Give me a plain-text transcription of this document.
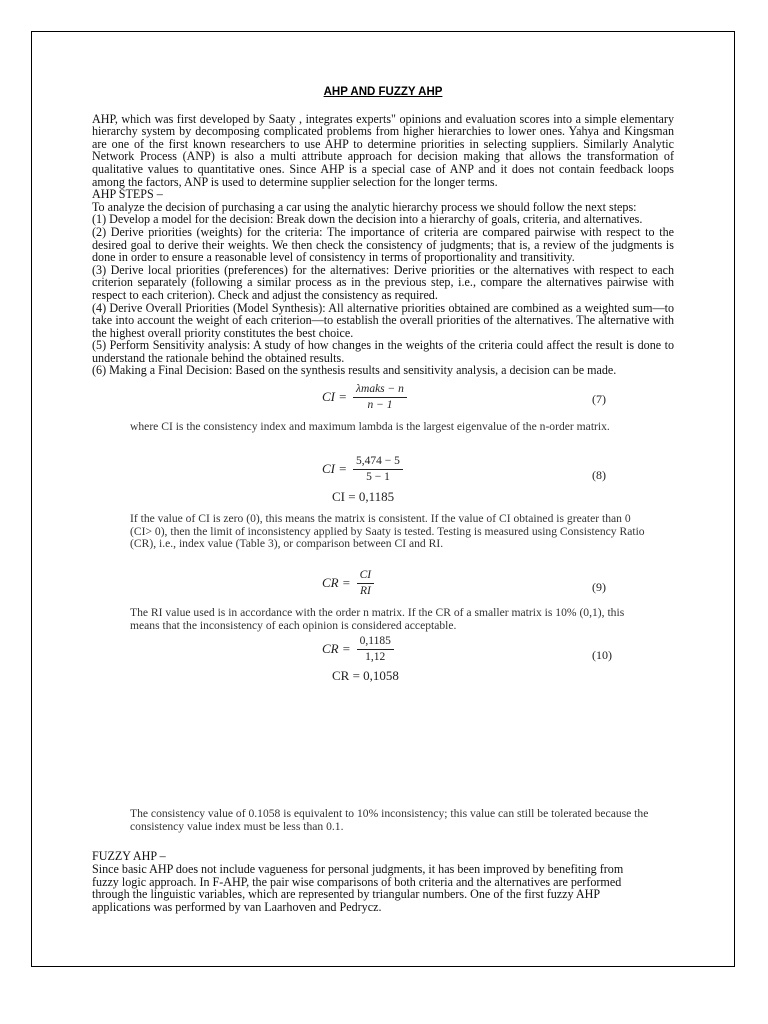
AHP AND FUZZY AHP

AHP, which was first developed by Saaty , integrates experts" opinions and evaluation scores into a simple elementary hierarchy system by decomposing complicated problems from higher hierarchies to lower ones. Yahya and Kingsman are one of the first known researchers to use AHP to determine priorities in selecting suppliers. Similarly Analytic Network Process (ANP) is also a multi attribute approach for decision making that allows the transformation of qualitative values to quantitative ones. Since AHP is a special case of ANP and it does not contain feedback loops among the factors, ANP is used to determine supplier selection for the longer terms.

AHP STEPS –

To analyze the decision of purchasing a car using the analytic hierarchy process we should follow the next steps:

(1) Develop a model for the decision: Break down the decision into a hierarchy of goals, criteria, and alternatives.

(2) Derive priorities (weights) for the criteria: The importance of criteria are compared pairwise with respect to the desired goal to derive their weights. We then check the consistency of judgments; that is, a review of the judgments is done in order to ensure a reasonable level of consistency in terms of proportionality and transitivity.

(3) Derive local priorities (preferences) for the alternatives: Derive priorities or the alternatives with respect to each criterion separately (following a similar process as in the previous step, i.e., compare the alternatives pairwise with respect to each criterion). Check and adjust the consistency as required.

(4) Derive Overall Priorities (Model Synthesis): All alternative priorities obtained are combined as a weighted sum—to take into account the weight of each criterion—to establish the overall priorities of the alternatives. The alternative with the highest overall priority constitutes the best choice.

(5) Perform Sensitivity analysis: A study of how changes in the weights of the criteria could affect the result is done to understand the rationale behind the obtained results.

(6) Making a Final Decision: Based on the synthesis results and sensitivity analysis, a decision can be made.

CI = $\frac{\text{λmaks − n}}{n - 1}$	(7)
where CI is the consistency index and maximum lambda is the largest eigenvalue of the n-order matrix.
CI = $\frac{5,474 - 5}{5 - 1}$	(8)
CI = 0,1185
If the value of CI is zero (0), this means the matrix is consistent. If the value of CI obtained is greater than 0 (CI> 0), then the limit of inconsistency applied by Saaty is tested. Testing is measured using Consistency Ratio (CR), i.e., index value (Table 3), or comparison between CI and RI.
CR = $\frac{CI}{RI}$	(9)
The RI value used is in accordance with the order n matrix. If the CR of a smaller matrix is 10% (0,1), this means that the inconsistency of each opinion is considered acceptable.
CR = $\frac{0,1185}{1,12}$	(10)
CR = 0,1058
The consistency value of 0.1058 is equivalent to 10% inconsistency; this value can still be tolerated because the consistency value index must be less than 0.1.

FUZZY AHP –

Since basic AHP does not include vagueness for personal judgments, it has been improved by benefiting from fuzzy logic approach. In F-AHP, the pair wise comparisons of both criteria and the alternatives are performed through the linguistic variables, which are represented by triangular numbers. One of the first fuzzy AHP applications was performed by van Laarhoven and Pedrycz.
